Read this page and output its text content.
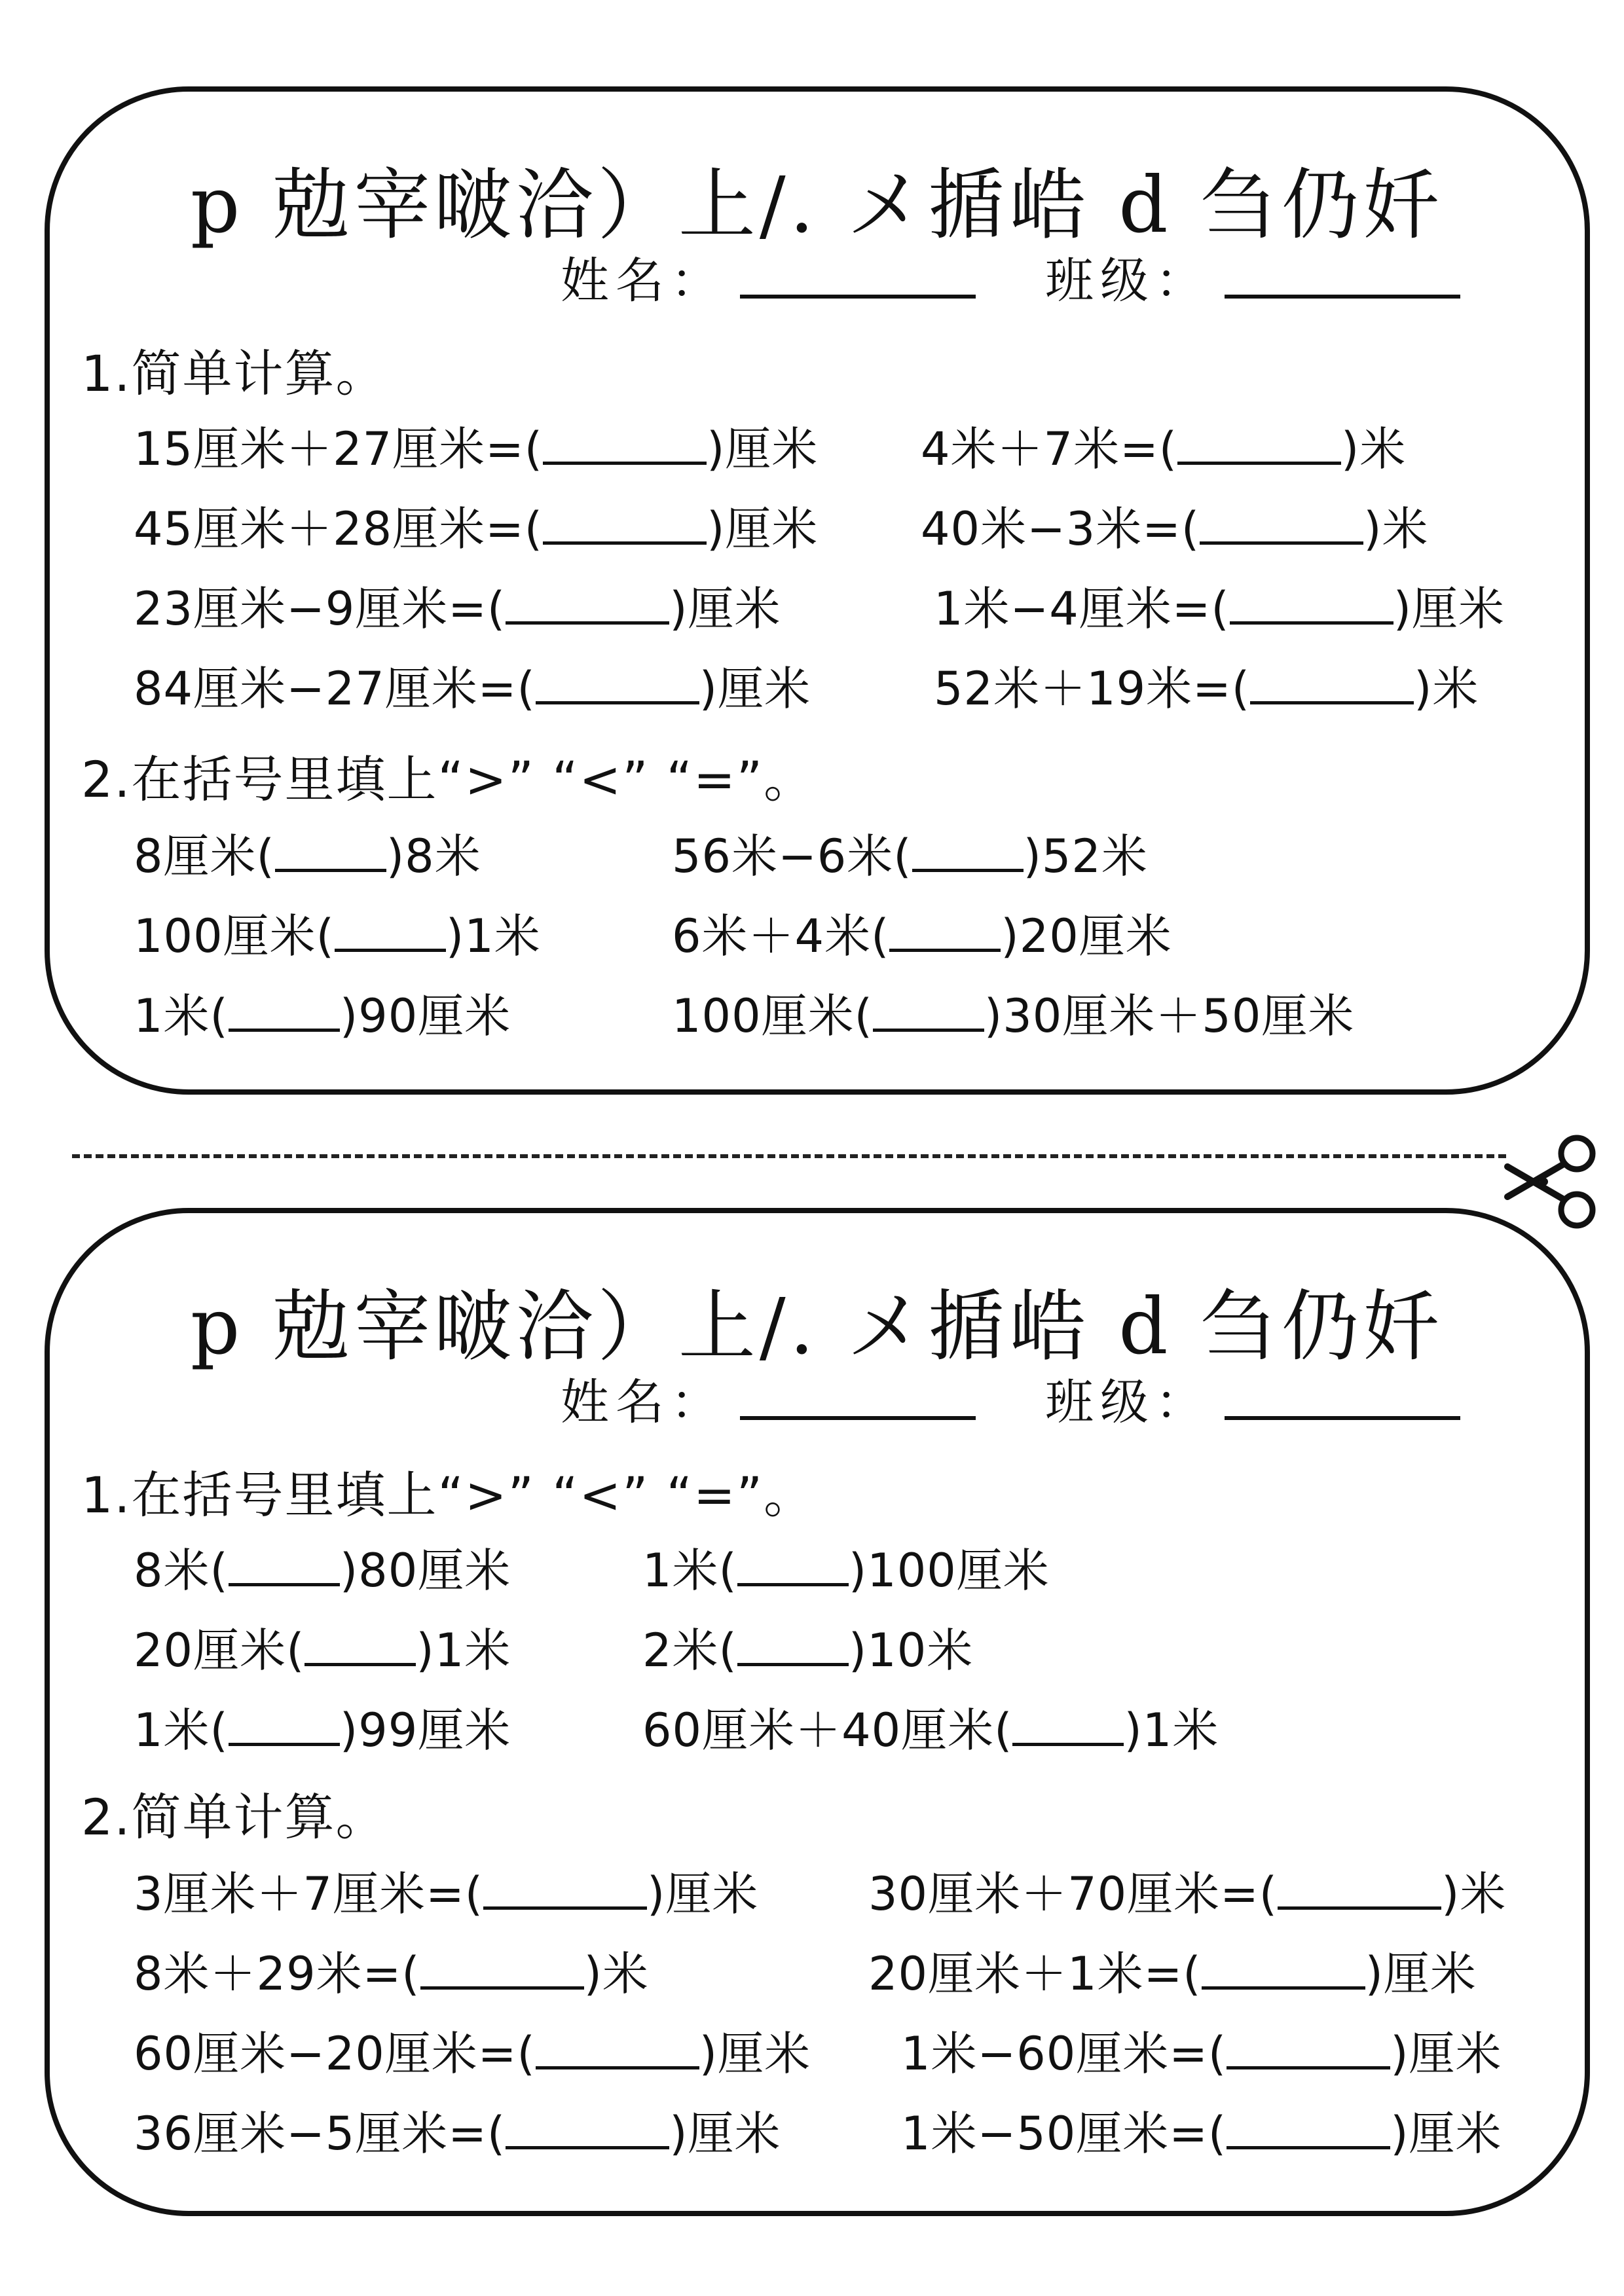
p 勊宰啵洽）上/. メ揗峼 d 刍仍奷
姓名：	班级：
1.简单计算。
15厘米＋27厘米=(	)厘米
45厘米＋28厘米=(	)厘米
23厘米−9厘米=(	)厘米
84厘米−27厘米=(	)厘米
4米＋7米=(	)米
40米−3米=(	)米
1米−4厘米=(	)厘米
52米＋19米=(	)米
2.在括号里填上“>” “<” “=”。
8厘米( )8米
100厘米( )1米
1米( )90厘米
56米−6米( )52米
6米＋4米( )20厘米
100厘米( )30厘米＋50厘米
p 勊宰啵洽）上/. メ揗峼 d 刍仍奷
姓名：	班级：
1.在括号里填上“>” “<” “=”。
8米( )80厘米
20厘米( )1米
1米( )99厘米
1米( )100厘米
2米( )10米
60厘米＋40厘米( )1米
2.简单计算。
3厘米＋7厘米=(	)厘米
8米＋29米=(	)米
60厘米−20厘米=(	)厘米
36厘米−5厘米=(	)厘米
30厘米＋70厘米=(	)米
20厘米＋1米=(	)厘米
1米−60厘米=(	)厘米
1米−50厘米=(	)厘米
